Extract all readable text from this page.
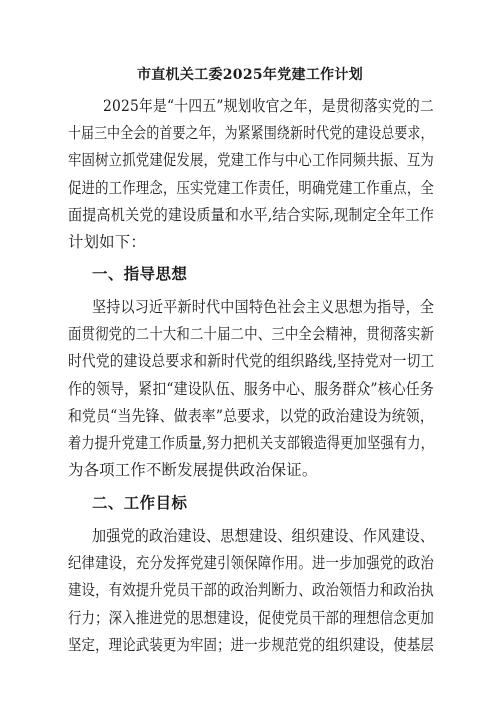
市直机关工委2025年党建工作计划
2025年是“十四五”规划收官之年，是贯彻落实党的二
十届三中全会的首要之年，为紧紧围绕新时代党的建设总要求，
牢固树立抓党建促发展，党建工作与中心工作同频共振、互为
促进的工作理念，压实党建工作责任，明确党建工作重点，全
面提高机关党的建设质量和水平,结合实际,现制定全年工作
计划如下：
一、指导思想
坚持以习近平新时代中国特色社会主义思想为指导，全
面贯彻党的二十大和二十届二中、三中全会精神，贯彻落实新
时代党的建设总要求和新时代党的组织路线,坚持党对一切工
作的领导，紧扣“建设队伍、服务中心、服务群众”核心任务
和党员“当先锋、做表率”总要求，以党的政治建设为统领，
着力提升党建工作质量,努力把机关支部锻造得更加坚强有力，
为各项工作不断发展提供政治保证。
二、工作目标
加强党的政治建设、思想建设、组织建设、作风建设、
纪律建设，充分发挥党建引领保障作用。进一步加强党的政治
建设，有效提升党员干部的政治判断力、政治领悟力和政治执
行力；深入推进党的思想建设，促使党员干部的理想信念更加
坚定，理论武装更为牢固；进一步规范党的组织建设，使基层
